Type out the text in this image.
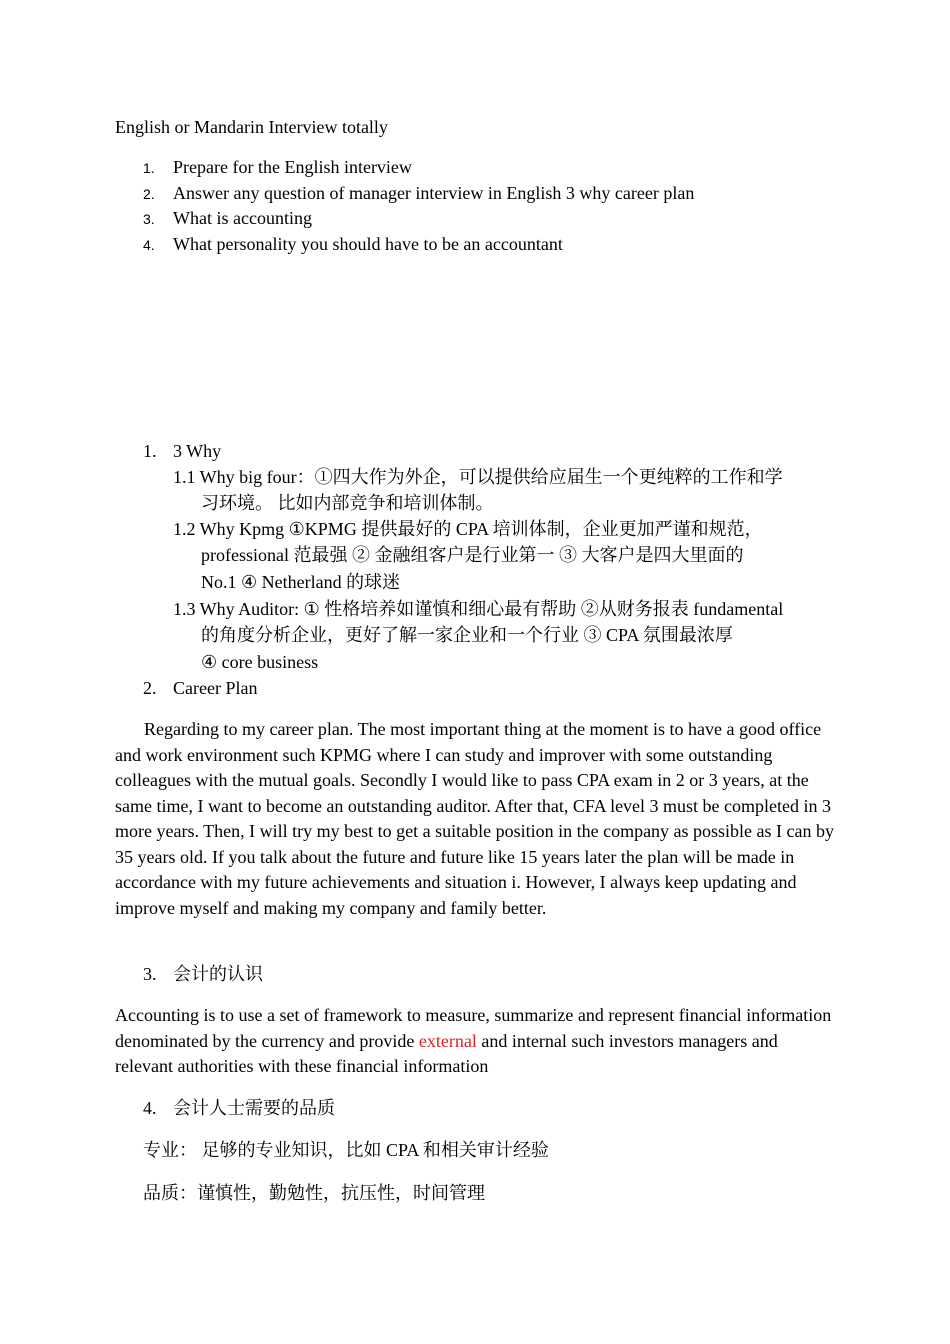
English or Mandarin Interview totally
1. Prepare for the English interview
2. Answer any question of manager interview in English 3 why career plan
3. What is accounting
4. What personality you should have to be an accountant
1. 3 Why
1.1 Why big four：①四大作为外企，可以提供给应届生一个更纯粹的工作和学
习环境。 比如内部竞争和培训体制。
1.2 Why Kpmg ①KPMG 提供最好的 CPA 培训体制，企业更加严谨和规范，
professional 范最强 ② 金融组客户是行业第一 ③ 大客户是四大里面的
No.1 ④ Netherland 的球迷
1.3 Why Auditor: ① 性格培养如谨慎和细心最有帮助 ②从财务报表 fundamental
的角度分析企业，更好了解一家企业和一个行业 ③ CPA 氛围最浓厚
④ core business
2. Career Plan
Regarding to my career plan. The most important thing at the moment is to have a good office and work environment such KPMG where I can study and improver with some outstanding colleagues with the mutual goals. Secondly I would like to pass CPA exam in 2 or 3 years, at the same time, I want to become an outstanding auditor. After that, CFA level 3 must be completed in 3 more years. Then, I will try my best to get a suitable position in the company as possible as I can by 35 years old. If you talk about the future and future like 15 years later the plan will be made in accordance with my future achievements and situation i. However, I always keep updating and improve myself and making my company and family better.
3. 会计的认识
Accounting is to use a set of framework to measure, summarize and represent financial information denominated by the currency and provide external and internal such investors managers and relevant authorities with these financial information
4. 会计人士需要的品质
专业： 足够的专业知识，比如 CPA 和相关审计经验
品质：谨慎性，勤勉性，抗压性，时间管理
